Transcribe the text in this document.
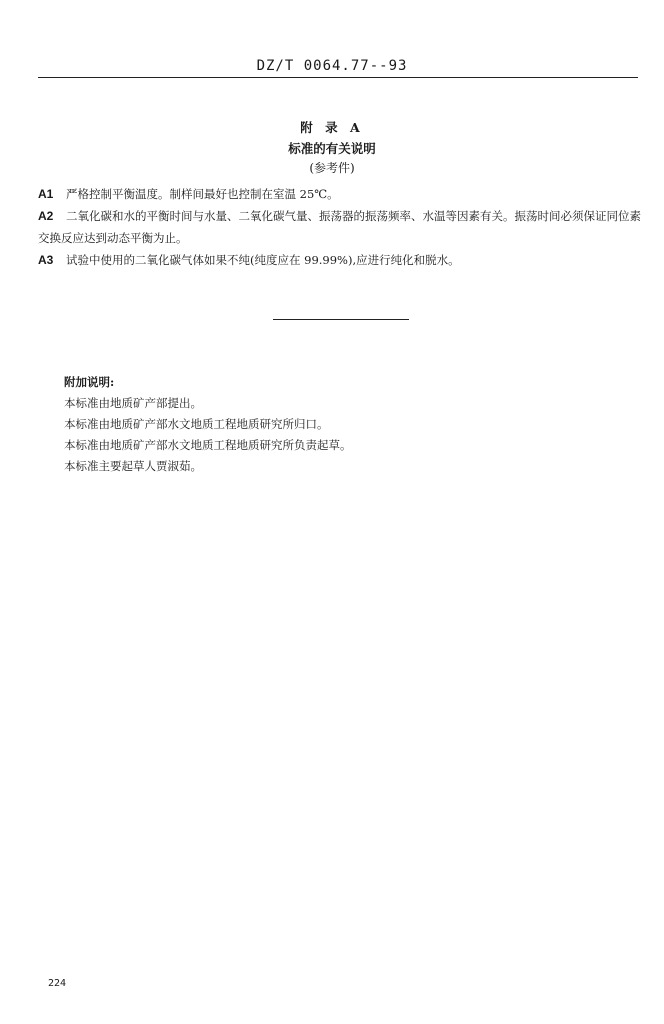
DZ/T 0064.77--93
附 录 A
标准的有关说明
(参考件)
A1 严格控制平衡温度。制样间最好也控制在室温 25℃。
A2 二氧化碳和水的平衡时间与水量、二氧化碳气量、振荡器的振荡频率、水温等因素有关。振荡时间必须保证同位素交换反应达到动态平衡为止。
A3 试验中使用的二氧化碳气体如果不纯(纯度应在 99.99%),应进行纯化和脱水。
附加说明:
本标准由地质矿产部提出。
本标准由地质矿产部水文地质工程地质研究所归口。
本标准由地质矿产部水文地质工程地质研究所负责起草。
本标准主要起草人贾淑茹。
224
